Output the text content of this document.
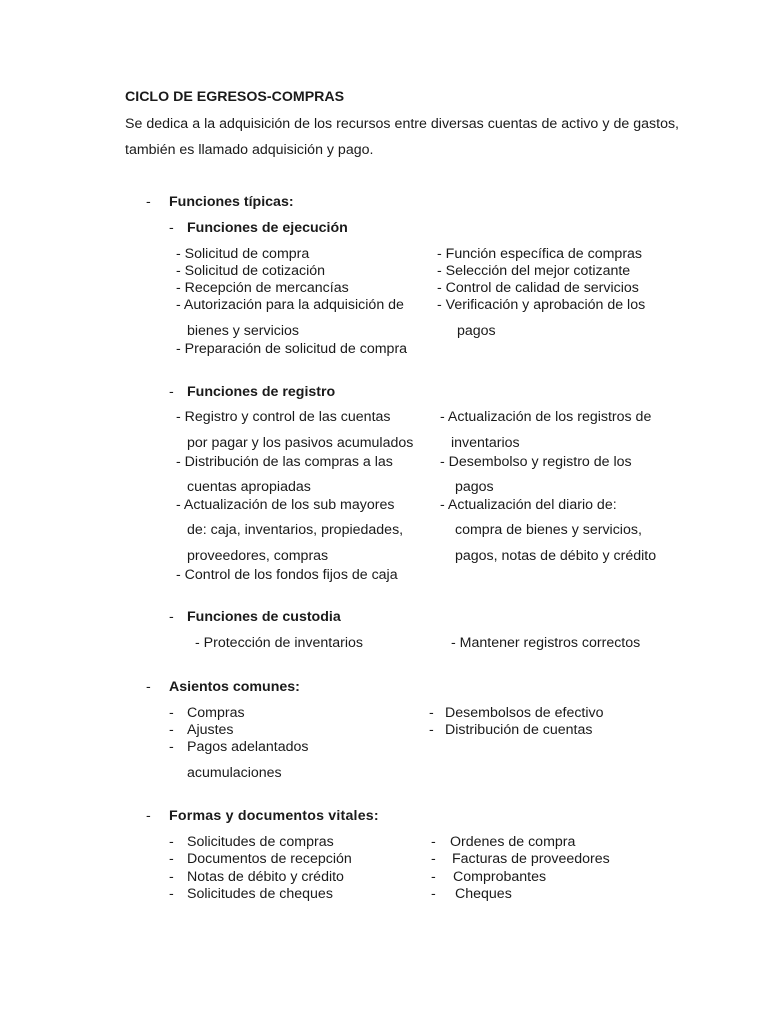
CICLO DE EGRESOS-COMPRAS
Se dedica a la adquisición de los recursos entre diversas cuentas de activo y de gastos, también es llamado adquisición y pago.
- Funciones típicas:
- Funciones de ejecución
- Solicitud de compra
- Solicitud de cotización
- Recepción de mercancías
- Autorización para la adquisición de
bienes y servicios
- Preparación de solicitud de compra
- Función específica de compras
- Selección del mejor cotizante
- Control de calidad de servicios
- Verificación y aprobación de los
pagos
- Funciones de registro
- Registro y control de las cuentas
por pagar y los pasivos acumulados
- Distribución de las compras a las
cuentas apropiadas
- Actualización de los sub mayores
de: caja, inventarios, propiedades,
proveedores, compras
- Control de los fondos fijos de caja
- Actualización de los registros de
inventarios
- Desembolso y registro de los
pagos
- Actualización del diario de:
compra de bienes y servicios,
pagos, notas de débito y crédito
- Funciones de custodia
- Protección de inventarios	- Mantener registros correctos
- Asientos comunes:
- Compras
- Ajustes
- Pagos adelantados
acumulaciones
- Desembolsos de efectivo
- Distribución de cuentas
- Formas y documentos vitales:
- Solicitudes de compras
- Documentos de recepción
- Notas de débito y crédito
- Solicitudes de cheques
- Ordenes de compra
- Facturas de proveedores
- Comprobantes
- Cheques
